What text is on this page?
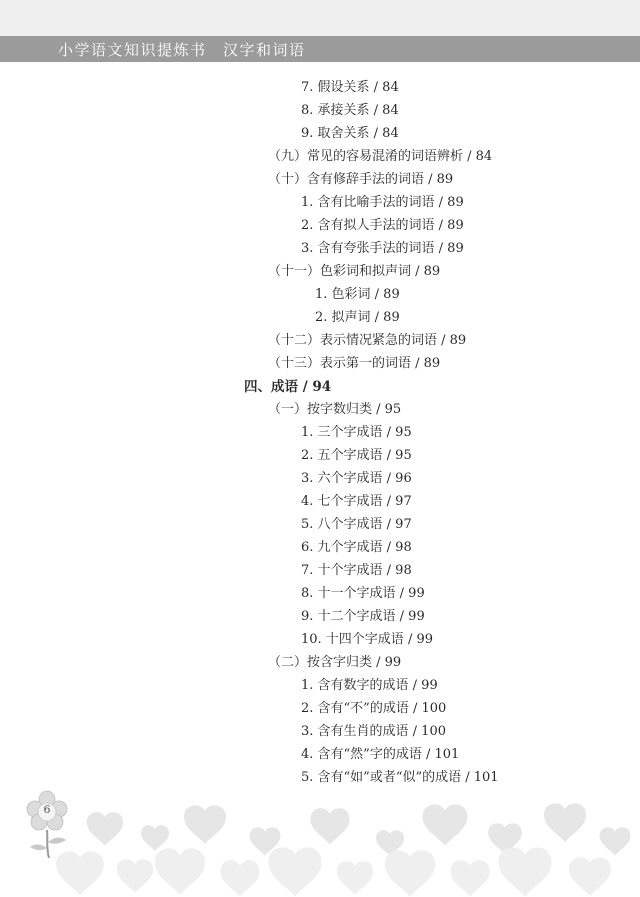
小学语文知识提炼书　汉字和词语
7. 假设关系 / 84
8. 承接关系 / 84
9. 取舍关系 / 84
（九）常见的容易混淆的词语辨析 / 84
（十）含有修辞手法的词语 / 89
1. 含有比喻手法的词语 / 89
2. 含有拟人手法的词语 / 89
3. 含有夸张手法的词语 / 89
（十一）色彩词和拟声词 / 89
1. 色彩词 / 89
2. 拟声词 / 89
（十二）表示情况紧急的词语 / 89
（十三）表示第一的词语 / 89
四、成语 / 94
（一）按字数归类 / 95
1. 三个字成语 / 95
2. 五个字成语 / 95
3. 六个字成语 / 96
4. 七个字成语 / 97
5. 八个字成语 / 97
6. 九个字成语 / 98
7. 十个字成语 / 98
8. 十一个字成语 / 99
9. 十二个字成语 / 99
10. 十四个字成语 / 99
（二）按含字归类 / 99
1. 含有数字的成语 / 99
2. 含有“不”的成语 / 100
3. 含有生肖的成语 / 100
4. 含有“然”字的成语 / 101
5. 含有“如”或者“似”的成语 / 101
6
